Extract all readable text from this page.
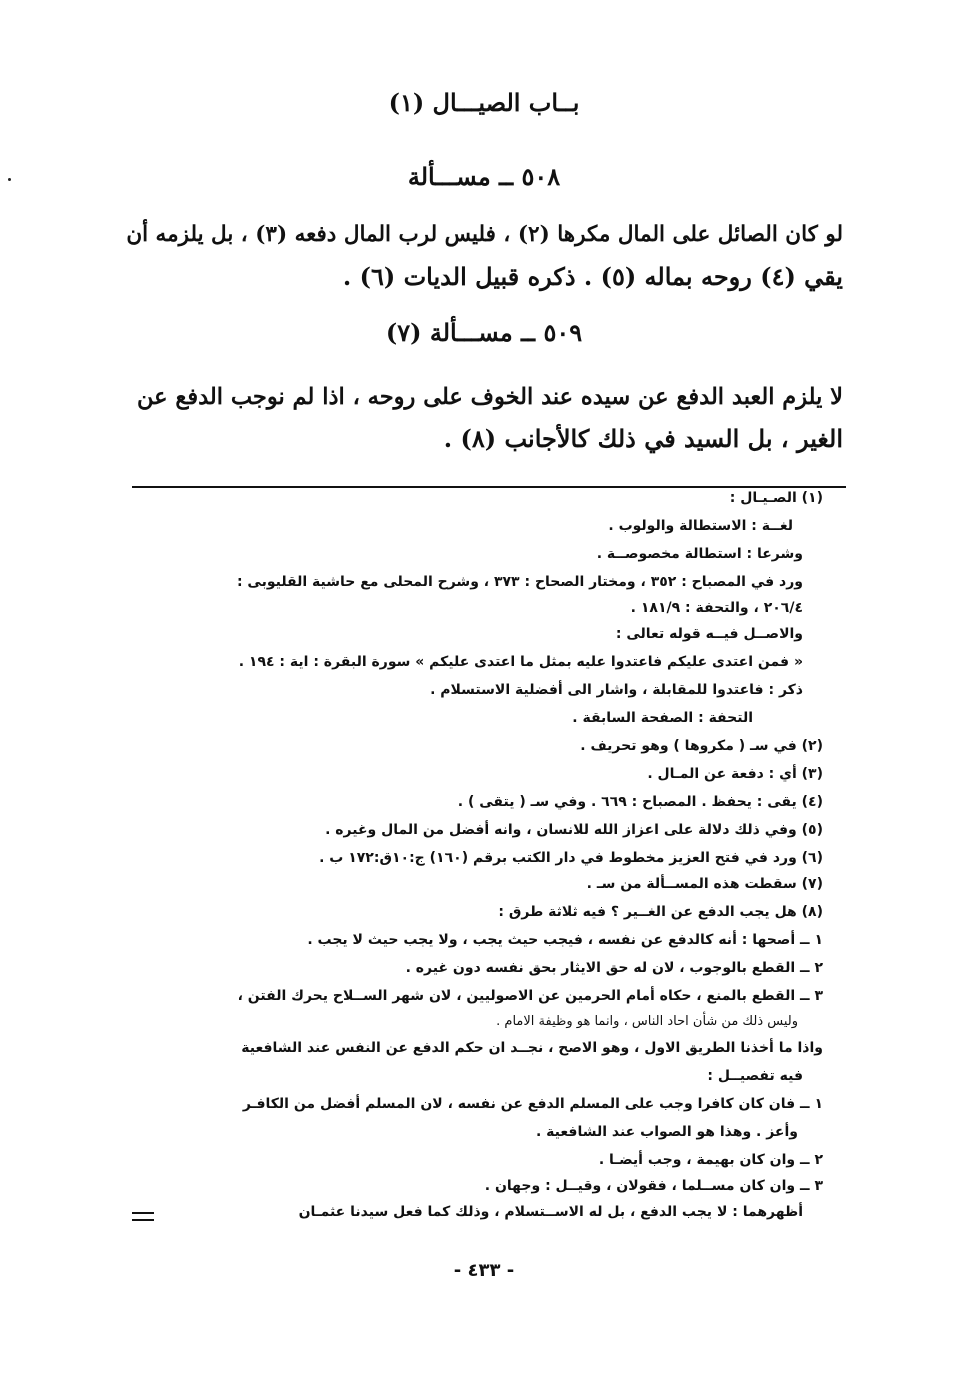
بــاب الصيـــال (١)
٥٠٨ ــ مســـألة
لو كان الصائل على المال مكرها (٢) ، فليس لرب المال دفعه (٣) ، بل يلزمه أن
يقي (٤) روحه بماله (٥) . ذكره قبيل الديات (٦) .
٥٠٩ ــ مســـألة (٧)
لا يلزم العبد الدفع عن سيده عند الخوف على روحه ، اذا لم نوجب الدفع عن
الغير ، بل السيد في ذلك كالأجانب (٨) .
(١) الصـيـال :
لغــة : الاستطالة والولوب .
وشرعا : استطالة مخصوصــة .
ورد في المصباح : ٣٥٢ ، ومختار الصحاح : ٣٧٣ ، وشرح المحلى مع حاشية القليوبى :
٢٠٦/٤ ، والتحفة : ١٨١/٩ .
والاصــل فيــه قوله تعالى :
« فمن اعتدى عليكم فاعتدوا عليه بمثل ما اعتدى عليكم » سورة البقرة : اية : ١٩٤ .
ذكر : فاعتدوا للمقابلة ، واشار الى أفضلية الاستسلام .
التحفة : الصفحة السابقة .
(٢) في سـ ( مكروها ) وهو تحريف .
(٣) أي : دفعة عن المـال .
(٤) يقى : يحفظ . المصباح : ٦٦٩ . وفي سـ ( يتقى ) .
(٥) وفي ذلك دلالة على اعزاز الله للانسان ، وانه أفضل من المال وغيره .
(٦) ورد في فتح العزيز مخطوط في دار الكتب برقم (١٦٠) ج:١٠ق:١٧٢ ب .
(٧) سقطت هذه المســألة من سـ .
(٨) هل يجب الدفع عن الغــير ؟ فيه ثلاثة طرق :
١ ــ أصحها : أنه كالدفع عن نفسه ، فيجب حيث يجب ، ولا يجب حيث لا يجب .
٢ ــ القطع بالوجوب ، لان له حق الايثار بحق نفسه دون غيره .
٣ ــ القطع بالمنع ، حكاه أمام الحرمين عن الاصوليين ، لان شهر الســلاح يحرك الفتن ،
وليس ذلك من شأن احاد الناس ، وانما هو وظيفة الامام .
واذا ما أخذنا الطريق الاول ، وهو الاصح ، نجــد ان حكم الدفع عن النفس عند الشافعية
فيه تفصيــل :
١ ــ فان كان كافرا وجب على المسلم الدفع عن نفسه ، لان المسلم أفضل من الكافـر
وأعز . وهذا هو الصواب عند الشافعية .
٢ ــ وان كان بهيمة ، وجب أيضـا .
٣ ــ وان كان مســلما ، فقولان ، وقيــل : وجهان .
أظهرهما : لا يجب الدفع ، بل له الاســتسلام ، وذلك كما فعل سيدنا عثمـان
- ٤٣٣ -
